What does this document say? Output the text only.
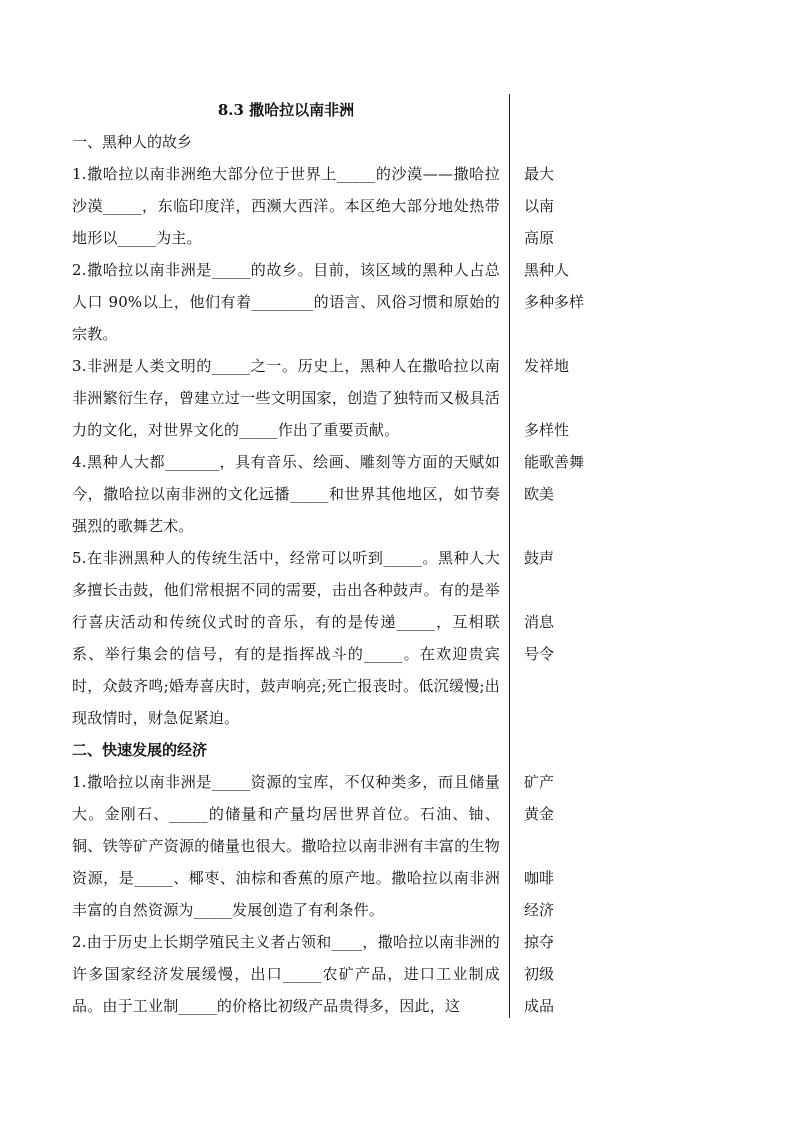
8.3 撒哈拉以南非洲
一、黑种人的故乡

1.撒哈拉以南非洲绝大部分位于世界上_____的沙漠——撒哈拉沙漠_____，东临印度洋，西濒大西洋。本区绝大部分地处热带地形以_____为主。

2.撒哈拉以南非洲是_____的故乡。目前，该区域的黑种人占总人口 90%以上，他们有着________的语言、风俗习惯和原始的宗教。

3.非洲是人类文明的_____之一。历史上，黑种人在撒哈拉以南非洲繁衍生存，曾建立过一些文明国家，创造了独特而又极具活力的文化，对世界文化的_____作出了重要贡献。

4.黑种人大都_______，具有音乐、绘画、雕刻等方面的天赋如今，撒哈拉以南非洲的文化远播_____和世界其他地区，如节奏强烈的歌舞艺术。

5.在非洲黑种人的传统生活中，经常可以听到_____。黑种人大多擅长击鼓，他们常根据不同的需要，击出各种鼓声。有的是举行喜庆活动和传统仪式时的音乐，有的是传递_____，互相联系、举行集会的信号，有的是指挥战斗的_____。在欢迎贵宾时，众鼓齐鸣;婚寿喜庆时，鼓声响亮;死亡报丧时。低沉缓慢;出现敌情时，财急促紧迫。

二、快速发展的经济

1.撒哈拉以南非洲是_____资源的宝库，不仅种类多，而且储量大。金刚石、_____的储量和产量均居世界首位。石油、铀、铜、铁等矿产资源的储量也很大。撒哈拉以南非洲有丰富的生物资源，是_____、椰枣、油棕和香蕉的原产地。撒哈拉以南非洲丰富的自然资源为_____发展创造了有利条件。

2.由于历史上长期学殖民主义者占领和____，撒哈拉以南非洲的许多国家经济发展缓慢，出口_____农矿产品，进口工业制成品。由于工业制_____的价格比初级产品贵得多，因此，这

最大
以南
高原
黑种人
多种多样
发祥地
多样性
能歌善舞
欧美
鼓声
消息
号令
矿产
黄金
咖啡
经济
掠夺
初级
成品
